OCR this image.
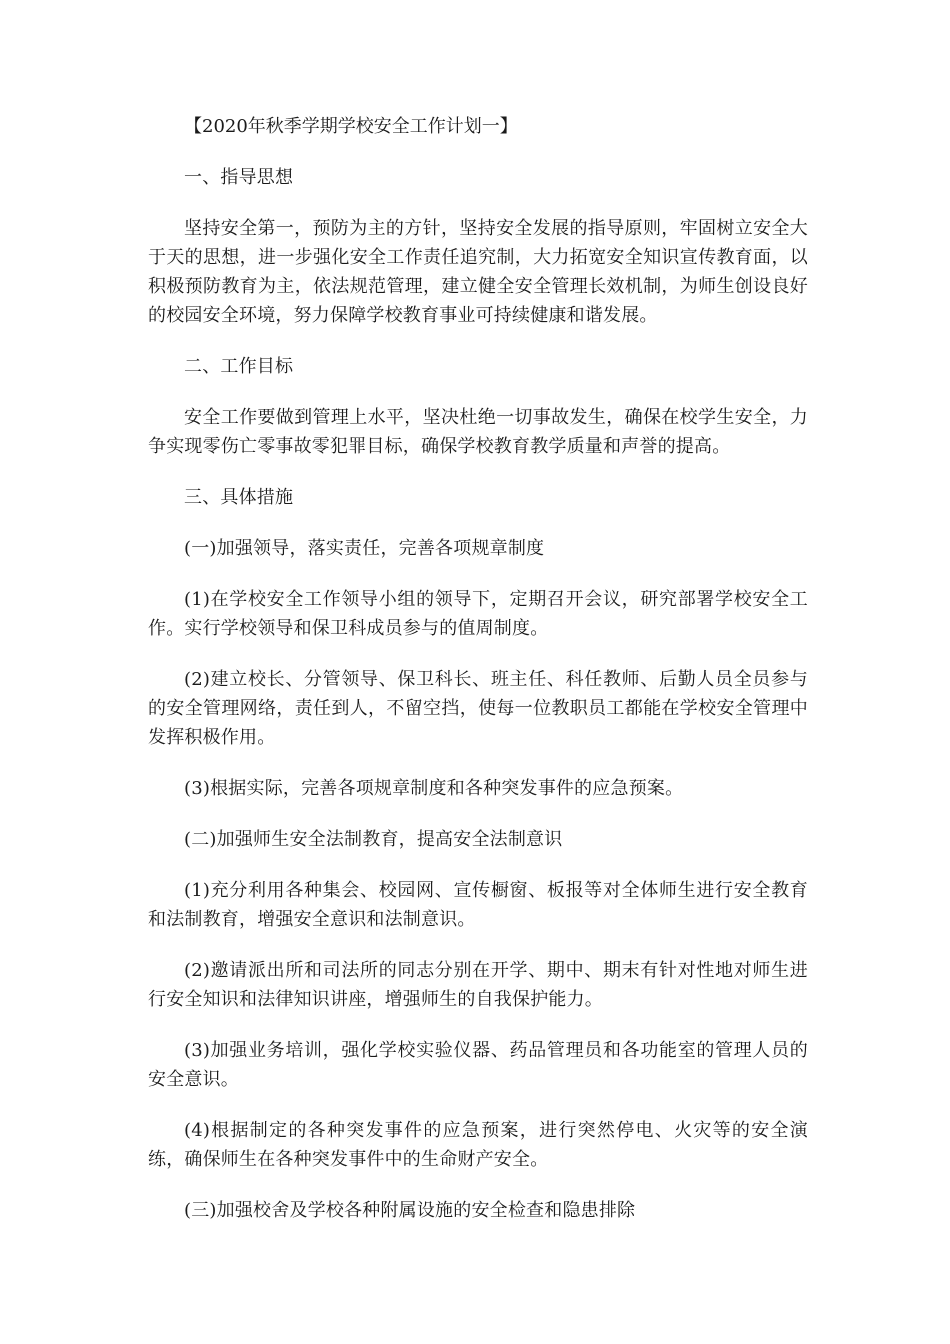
【2020年秋季学期学校安全工作计划一】

一、指导思想

坚持安全第一，预防为主的方针，坚持安全发展的指导原则，牢固树立安全大于天的思想，进一步强化安全工作责任追究制，大力拓宽安全知识宣传教育面，以积极预防教育为主，依法规范管理，建立健全安全管理长效机制，为师生创设良好的校园安全环境，努力保障学校教育事业可持续健康和谐发展。

二、工作目标

安全工作要做到管理上水平，坚决杜绝一切事故发生，确保在校学生安全，力争实现零伤亡零事故零犯罪目标，确保学校教育教学质量和声誉的提高。

三、具体措施

(一)加强领导，落实责任，完善各项规章制度

(1)在学校安全工作领导小组的领导下，定期召开会议，研究部署学校安全工作。实行学校领导和保卫科成员参与的值周制度。

(2)建立校长、分管领导、保卫科长、班主任、科任教师、后勤人员全员参与的安全管理网络，责任到人，不留空挡，使每一位教职员工都能在学校安全管理中发挥积极作用。

(3)根据实际，完善各项规章制度和各种突发事件的应急预案。

(二)加强师生安全法制教育，提高安全法制意识

(1)充分利用各种集会、校园网、宣传橱窗、板报等对全体师生进行安全教育和法制教育，增强安全意识和法制意识。

(2)邀请派出所和司法所的同志分别在开学、期中、期末有针对性地对师生进行安全知识和法律知识讲座，增强师生的自我保护能力。

(3)加强业务培训，强化学校实验仪器、药品管理员和各功能室的管理人员的安全意识。

(4)根据制定的各种突发事件的应急预案，进行突然停电、火灾等的安全演练，确保师生在各种突发事件中的生命财产安全。

(三)加强校舍及学校各种附属设施的安全检查和隐患排除
